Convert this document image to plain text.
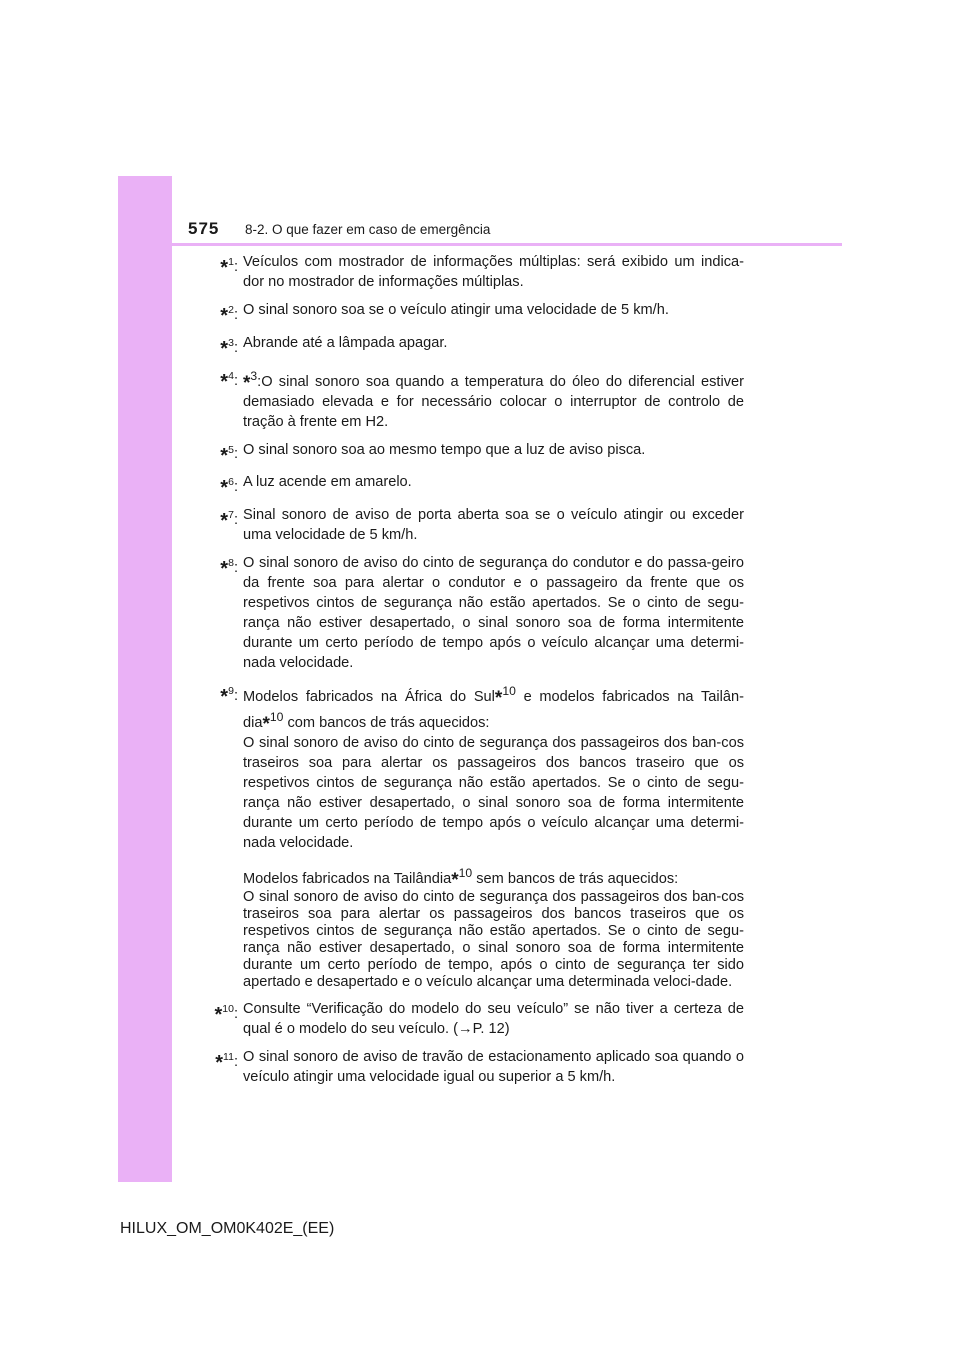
575 8-2. O que fazer em caso de emergência
*$^1$: Veículos com mostrador de informações múltiplas: será exibido um indica-dor no mostrador de informações múltiplas.
*$^2$: O sinal sonoro soa se o veículo atingir uma velocidade de 5 km/h.
*$^3$: Abrande até a lâmpada apagar.
*$^4$: *$^3$:O sinal sonoro soa quando a temperatura do óleo do diferencial estiver demasiado elevada e for necessário colocar o interruptor de controlo de tração à frente em H2.
*$^5$: O sinal sonoro soa ao mesmo tempo que a luz de aviso pisca.
*$^6$: A luz acende em amarelo.
*$^7$: Sinal sonoro de aviso de porta aberta soa se o veículo atingir ou exceder uma velocidade de 5 km/h.
*$^8$: O sinal sonoro de aviso do cinto de segurança do condutor e do passa-geiro da frente soa para alertar o condutor e o passageiro da frente que os respetivos cintos de segurança não estão apertados. Se o cinto de segu-rança não estiver desapertado, o sinal sonoro soa de forma intermitente durante um certo período de tempo após o veículo alcançar uma determi-nada velocidade.
*$^9$: Modelos fabricados na África do Sul*$^{10}$ e modelos fabricados na Tailân-dia*$^{10}$ com bancos de trás aquecidos:

O sinal sonoro de aviso do cinto de segurança dos passageiros dos ban-cos traseiros soa para alertar os passageiros dos bancos traseiro que os respetivos cintos de segurança não estão apertados. Se o cinto de segu-rança não estiver desapertado, o sinal sonoro soa de forma intermitente durante um certo período de tempo após o veículo alcançar uma determi-nada velocidade.

Modelos fabricados na Tailândia*$^{10}$ sem bancos de trás aquecidos:

O sinal sonoro de aviso do cinto de segurança dos passageiros dos ban-cos traseiros soa para alertar os passageiros dos bancos traseiros que os respetivos cintos de segurança não estão apertados. Se o cinto de segu-rança não estiver desapertado, o sinal sonoro soa de forma intermitente durante um certo período de tempo, após o cinto de segurança ter sido apertado e desapertado e o veículo alcançar uma determinada veloci-dade.

*$^{10}$: Consulte “Verificação do modelo do seu veículo” se não tiver a certeza de qual é o modelo do seu veículo. (→P. 12)
*$^{11}$: O sinal sonoro de aviso de travão de estacionamento aplicado soa quando o veículo atingir uma velocidade igual ou superior a 5 km/h.
HILUX_OM_OM0K402E_(EE)
